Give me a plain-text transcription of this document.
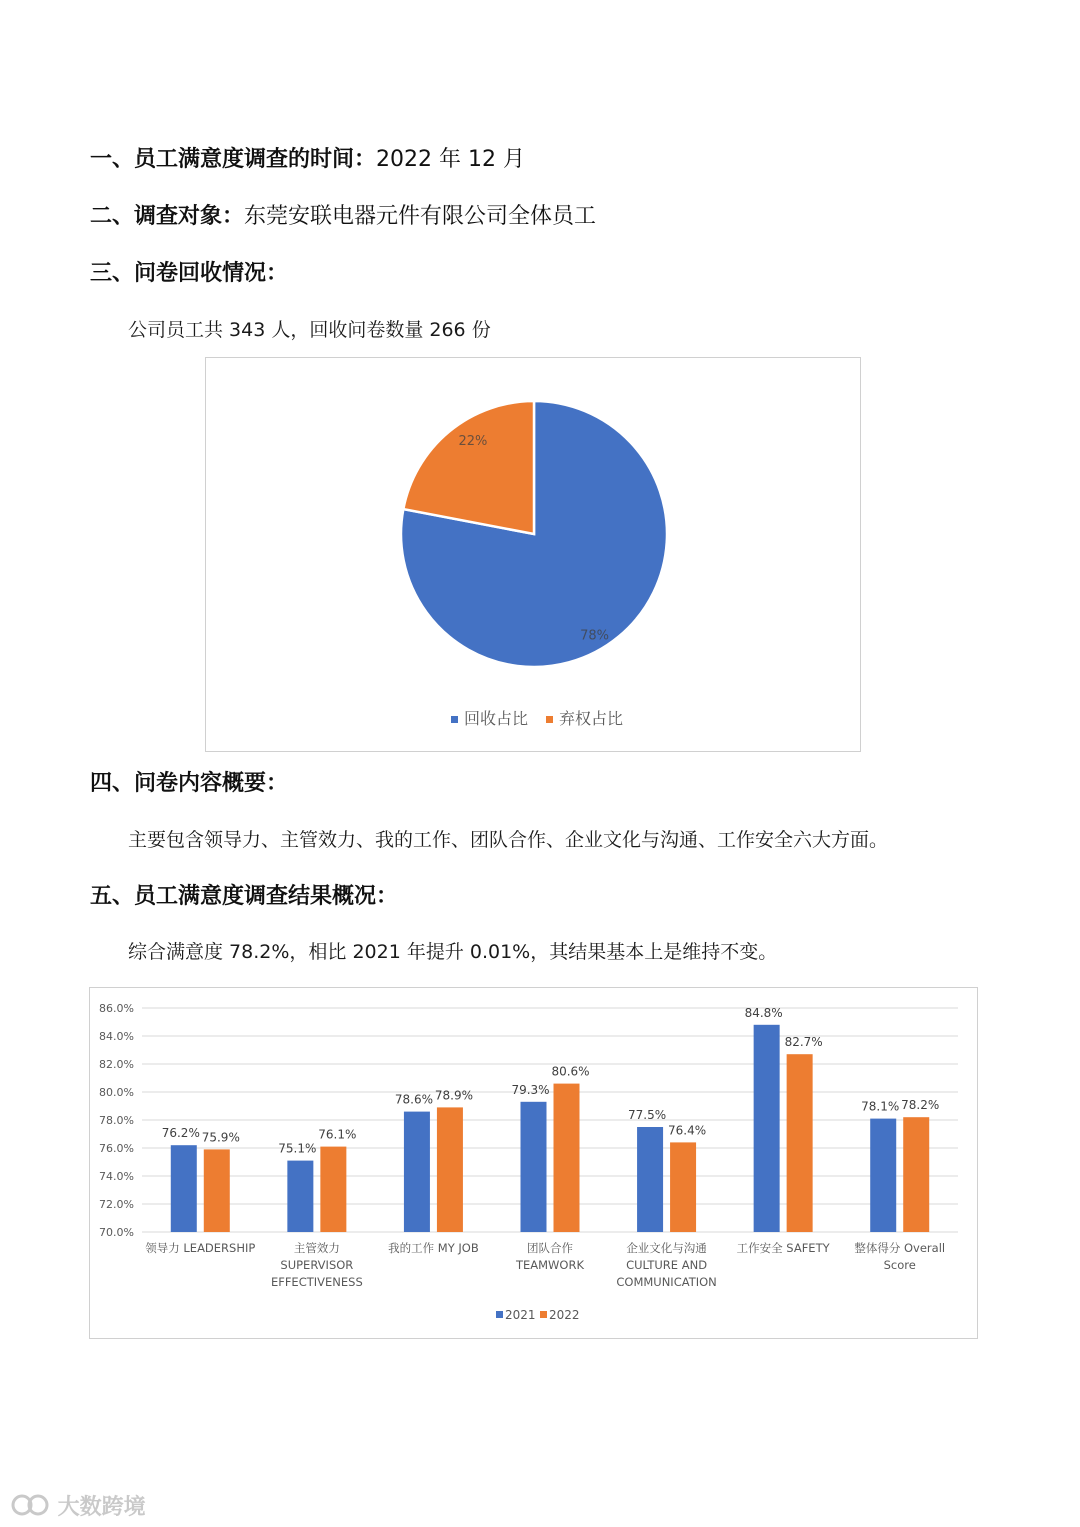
一、员工满意度调查的时间：2022 年 12 月
二、调查对象：东莞安联电器元件有限公司全体员工
三、问卷回收情况：
公司员工共 343 人，回收问卷数量 266 份
78%
22%
回收占比 弃权占比
四、问卷内容概要：
主要包含领导力、主管效力、我的工作、团队合作、企业文化与沟通、工作安全六大方面。
五、员工满意度调查结果概况：
综合满意度 78.2%，相比 2021 年提升 0.01%，其结果基本上是维持不变。
70.0%
72.0%
74.0%
76.0%
78.0%
80.0%
82.0%
84.0%
86.0%
76.2% 75.9%
领导力 LEADERSHIP
75.1%
76.1%
主管效力
SUPERVISOR
EFFECTIVENESS
78.6% 78.9%
我的工作 MY JOB
79.3%
80.6%
团队合作
TEAMWORK
77.5%
76.4%
企业文化与沟通
CULTURE AND
COMMUNICATION
84.8%
82.7%
工作安全 SAFETY
78.1% 78.2%
整体得分 Overall
Score
2021 2022
大数跨境
